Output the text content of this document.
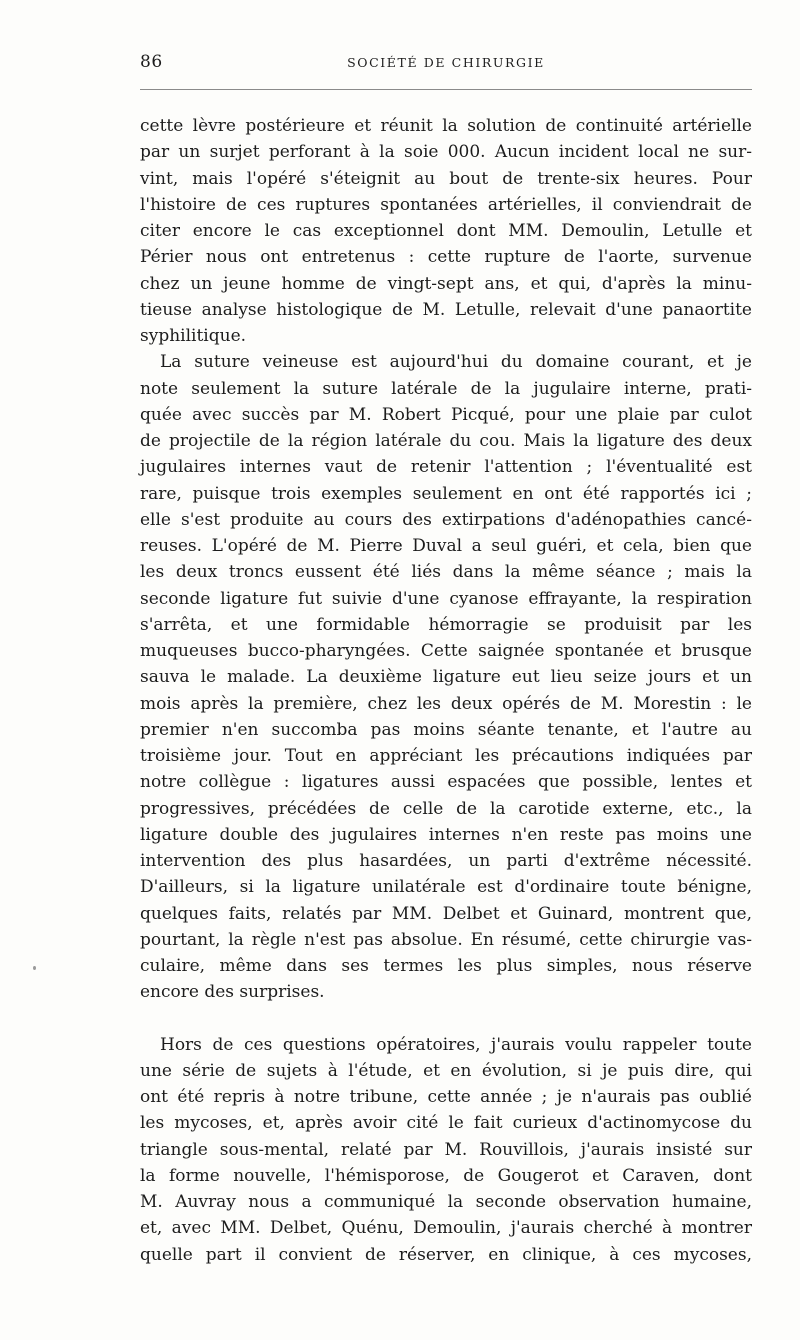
86	SOCIÉTÉ DE CHIRURGIE
cette lèvre postérieure et réunit la solution de continuité artérielle
par un surjet perforant à la soie 000. Aucun incident local ne sur-
vint, mais l'opéré s'éteignit au bout de trente-six heures. Pour
l'histoire de ces ruptures spontanées artérielles, il conviendrait de
citer encore le cas exceptionnel dont MM. Demoulin, Letulle et
Périer nous ont entretenus : cette rupture de l'aorte, survenue
chez un jeune homme de vingt-sept ans, et qui, d'après la minu-
tieuse analyse histologique de M. Letulle, relevait d'une panaortite
syphilitique.
La suture veineuse est aujourd'hui du domaine courant, et je
note seulement la suture latérale de la jugulaire interne, prati-
quée avec succès par M. Robert Picqué, pour une plaie par culot
de projectile de la région latérale du cou. Mais la ligature des deux
jugulaires internes vaut de retenir l'attention ; l'éventualité est
rare, puisque trois exemples seulement en ont été rapportés ici ;
elle s'est produite au cours des extirpations d'adénopathies cancé-
reuses. L'opéré de M. Pierre Duval a seul guéri, et cela, bien que
les deux troncs eussent été liés dans la même séance ; mais la
seconde ligature fut suivie d'une cyanose effrayante, la respiration
s'arrêta, et une formidable hémorragie se produisit par les
muqueuses bucco-pharyngées. Cette saignée spontanée et brusque
sauva le malade. La deuxième ligature eut lieu seize jours et un
mois après la première, chez les deux opérés de M. Morestin : le
premier n'en succomba pas moins séante tenante, et l'autre au
troisième jour. Tout en appréciant les précautions indiquées par
notre collègue : ligatures aussi espacées que possible, lentes et
progressives, précédées de celle de la carotide externe, etc., la
ligature double des jugulaires internes n'en reste pas moins une
intervention des plus hasardées, un parti d'extrême nécessité.
D'ailleurs, si la ligature unilatérale est d'ordinaire toute bénigne,
quelques faits, relatés par MM. Delbet et Guinard, montrent que,
pourtant, la règle n'est pas absolue. En résumé, cette chirurgie vas-
culaire, même dans ses termes les plus simples, nous réserve
encore des surprises.
Hors de ces questions opératoires, j'aurais voulu rappeler toute
une série de sujets à l'étude, et en évolution, si je puis dire, qui
ont été repris à notre tribune, cette année ; je n'aurais pas oublié
les mycoses, et, après avoir cité le fait curieux d'actinomycose du
triangle sous-mental, relaté par M. Rouvillois, j'aurais insisté sur
la forme nouvelle, l'hémisporose, de Gougerot et Caraven, dont
M. Auvray nous a communiqué la seconde observation humaine,
et, avec MM. Delbet, Quénu, Demoulin, j'aurais cherché à montrer
quelle part il convient de réserver, en clinique, à ces mycoses,
